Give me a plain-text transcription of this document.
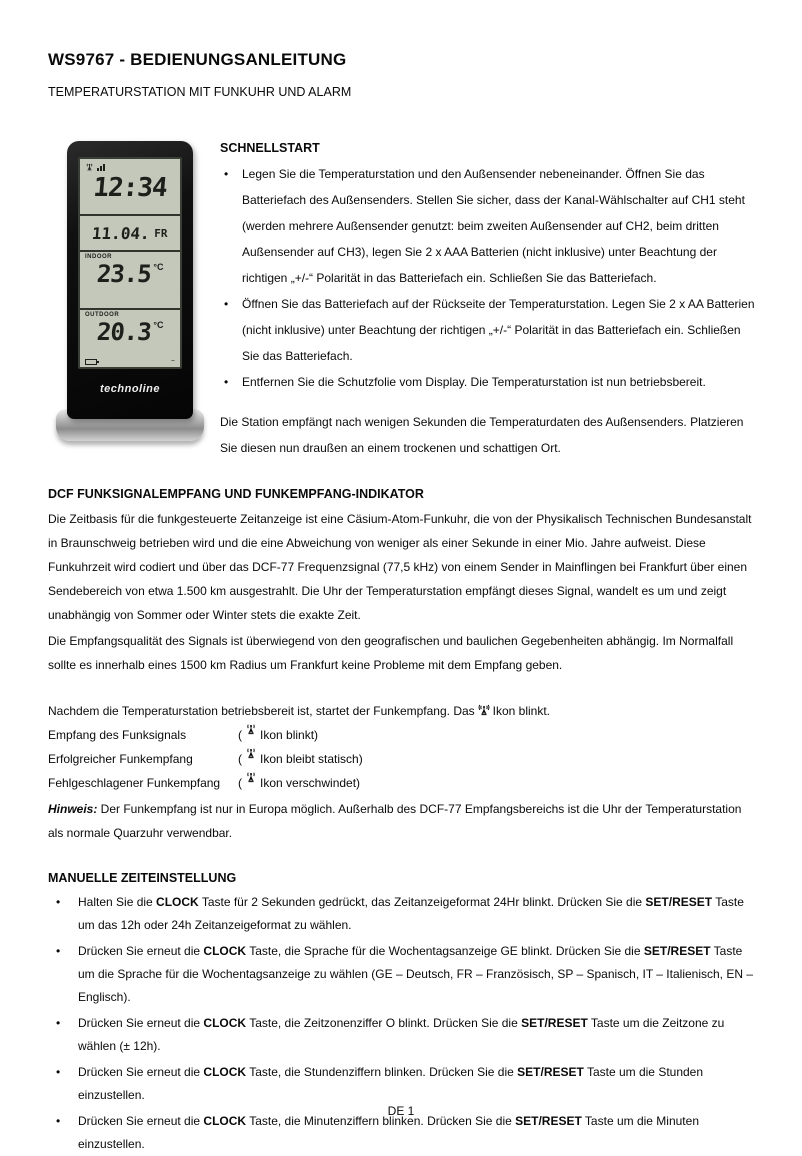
WS9767 - BEDIENUNGSANLEITUNG
TEMPERATURSTATION MIT FUNKUHR UND ALARM
12:34
11.04. FR
INDOOR
23.5 °C
OUTDOOR
20.3 °C
~
technoline
SCHNELLSTART
• Legen Sie die Temperaturstation und den Außensender nebeneinander. Öffnen Sie das Batteriefach des Außensenders. Stellen Sie sicher, dass der Kanal-Wählschalter auf CH1 steht (werden mehrere Außensender genutzt: beim zweiten Außensender auf CH2, beim dritten Außensender auf CH3), legen Sie 2 x AAA Batterien (nicht inklusive) unter Beachtung der richtigen „+/-“ Polarität in das Batteriefach ein. Schließen Sie das Batteriefach.
• Öffnen Sie das Batteriefach auf der Rückseite der Temperaturstation. Legen Sie 2 x AA Batterien (nicht inklusive) unter Beachtung der richtigen „+/-“ Polarität in das Batteriefach ein. Schließen Sie das Batteriefach.
• Entfernen Sie die Schutzfolie vom Display. Die Temperaturstation ist nun betriebsbereit.

Die Station empfängt nach wenigen Sekunden die Temperaturdaten des Außensenders. Platzieren Sie diesen nun draußen an einem trockenen und schattigen Ort.

DCF FUNKSIGNALEMPFANG UND FUNKEMPFANG-INDIKATOR

Die Zeitbasis für die funkgesteuerte Zeitanzeige ist eine Cäsium-Atom-Funkuhr, die von der Physikalisch Technischen Bundesanstalt in Braunschweig betrieben wird und die eine Abweichung von weniger als einer Sekunde in einer Mio. Jahre aufweist. Diese Funkuhrzeit wird codiert und über das DCF-77 Frequenzsignal (77,5 kHz) von einem Sender in Mainflingen bei Frankfurt über einen Sendebereich von etwa 1.500 km ausgestrahlt. Die Uhr der Temperaturstation empfängt dieses Signal, wandelt es um und zeigt unabhängig von Sommer oder Winter stets die exakte Zeit.

Die Empfangsqualität des Signals ist überwiegend von den geografischen und baulichen Gegebenheiten abhängig. Im Normalfall sollte es innerhalb eines 1500 km Radius um Frankfurt keine Probleme mit dem Empfang geben.

Nachdem die Temperaturstation betriebsbereit ist, startet der Funkempfang. Das Ikon blinkt.

Empfang des Funksignals	( Ikon blinkt)
Erfolgreicher Funkempfang	( Ikon bleibt statisch)
Fehlgeschlagener Funkempfang	( Ikon verschwindet)

Hinweis: Der Funkempfang ist nur in Europa möglich. Außerhalb des DCF-77 Empfangsbereichs ist die Uhr der Temperaturstation als normale Quarzuhr verwendbar.

MANUELLE ZEITEINSTELLUNG
• Halten Sie die CLOCK Taste für 2 Sekunden gedrückt, das Zeitanzeigeformat 24Hr blinkt. Drücken Sie die SET/RESET Taste um das 12h oder 24h Zeitanzeigeformat zu wählen.
• Drücken Sie erneut die CLOCK Taste, die Sprache für die Wochentagsanzeige GE blinkt. Drücken Sie die SET/RESET Taste um die Sprache für die Wochentagsanzeige zu wählen (GE – Deutsch, FR – Französisch, SP – Spanisch, IT – Italienisch, EN – Englisch).
• Drücken Sie erneut die CLOCK Taste, die Zeitzonenziffer O blinkt. Drücken Sie die SET/RESET Taste um die Zeitzone zu wählen (± 12h).
• Drücken Sie erneut die CLOCK Taste, die Stundenziffern blinken. Drücken Sie die SET/RESET Taste um die Stunden einzustellen.
• Drücken Sie erneut die CLOCK Taste, die Minutenziffern blinken. Drücken Sie die SET/RESET Taste um die Minuten einzustellen.
DE 1
